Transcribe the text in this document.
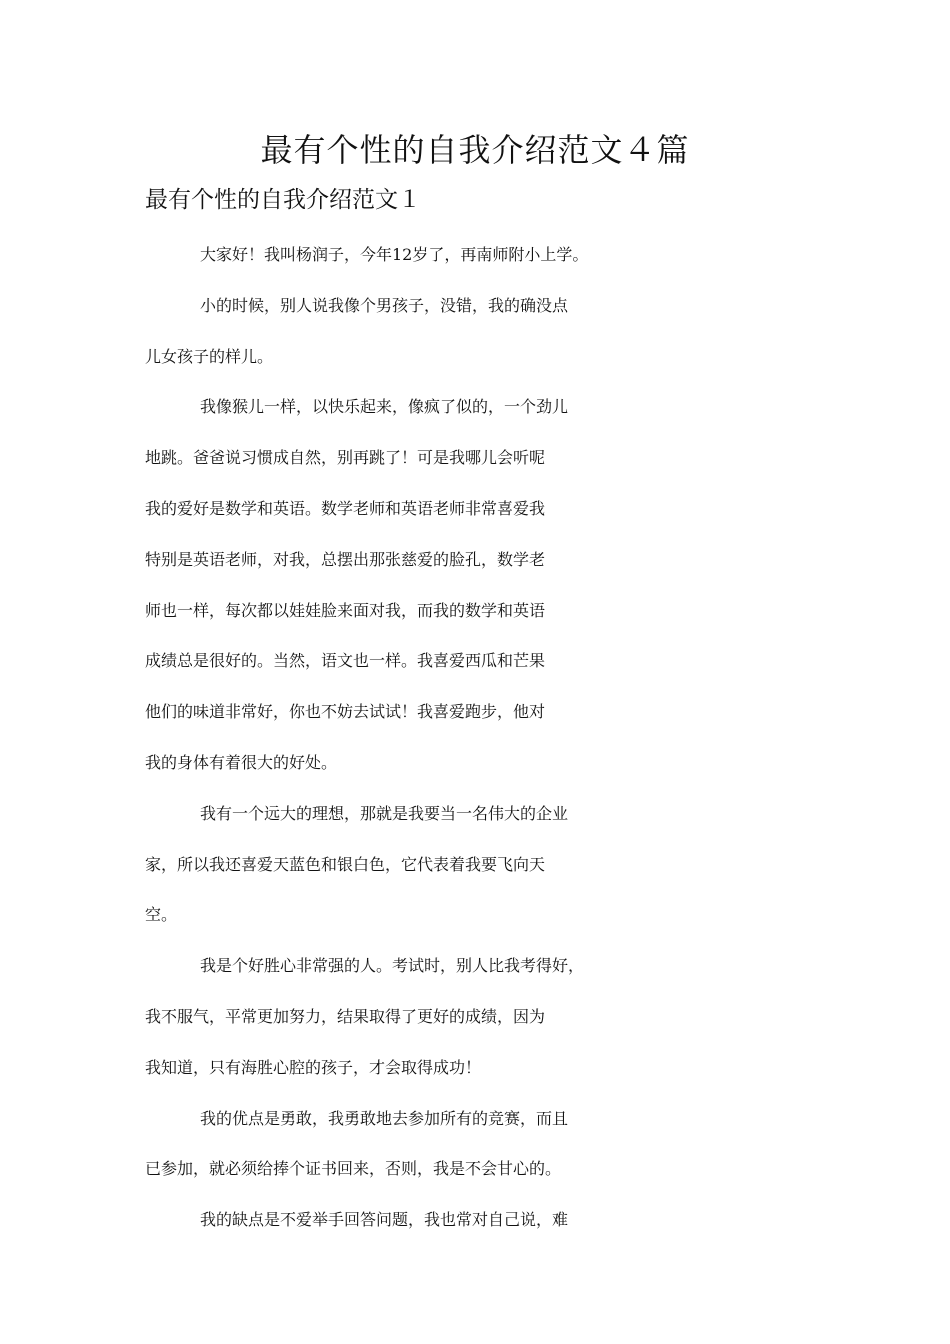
最有个性的自我介绍范文４篇
最有个性的自我介绍范文１
大家好！我叫杨润子，今年12岁了，再南师附小上学。
小的时候，别人说我像个男孩子，没错，我的确没点
儿女孩子的样儿。
我像猴儿一样，以快乐起来，像疯了似的，一个劲儿
地跳。爸爸说习惯成自然，别再跳了！可是我哪儿会听呢
我的爱好是数学和英语。数学老师和英语老师非常喜爱我
特别是英语老师，对我，总摆出那张慈爱的脸孔，数学老
师也一样，每次都以娃娃脸来面对我，而我的数学和英语
成绩总是很好的。当然，语文也一样。我喜爱西瓜和芒果
他们的味道非常好，你也不妨去试试！我喜爱跑步，他对
我的身体有着很大的好处。
我有一个远大的理想，那就是我要当一名伟大的企业
家，所以我还喜爱天蓝色和银白色，它代表着我要飞向天
空。
我是个好胜心非常强的人。考试时，别人比我考得好，
我不服气，平常更加努力，结果取得了更好的成绩，因为
我知道，只有海胜心腔的孩子，才会取得成功！
我的优点是勇敢，我勇敢地去参加所有的竞赛，而且
已参加，就必须给捧个证书回来，否则，我是不会甘心的。
我的缺点是不爱举手回答问题，我也常对自己说，难
